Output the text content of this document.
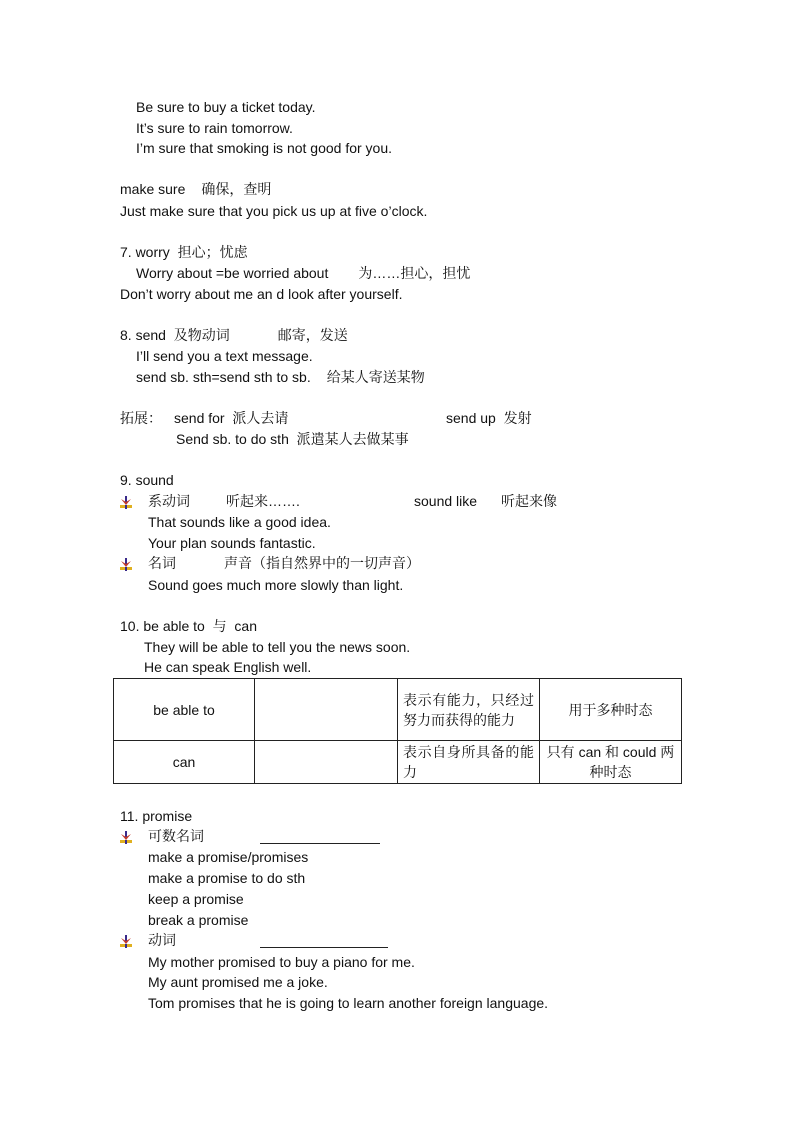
Be sure to buy a ticket today.
It’s sure to rain tomorrow.
I’m sure that smoking is not good for you.
make sure 确保，查明
Just make sure that you pick us up at five o’clock.
7. worry 担心；忧虑
Worry about =be worried about 为……担心，担忧
Don’t worry about me an d look after yourself.
8. send 及物动词	邮寄，发送
I’ll send you a text message.
send sb. sth=send sth to sb. 给某人寄送某物
拓展： send for 派人去请	send up 发射
Send sb. to do sth 派遣某人去做某事
9. sound
系动词	听起来…….	sound like 听起来像
That sounds like a good idea.
Your plan sounds fantastic.
名词	声音（指自然界中的一切声音）
Sound goes much more slowly than light.
10. be able to 与 can
They will be able to tell you the news soon.
He can speak English well.
be able to		表示有能力，只经过努力而获得的能力	用于多种时态
can		表示自身所具备的能力	只有 can 和 could 两种时态
11. promise
可数名词
make a promise/promises
make a promise to do sth
keep a promise
break a promise
动词
My mother promised to buy a piano for me.
My aunt promised me a joke.
Tom promises that he is going to learn another foreign language.
